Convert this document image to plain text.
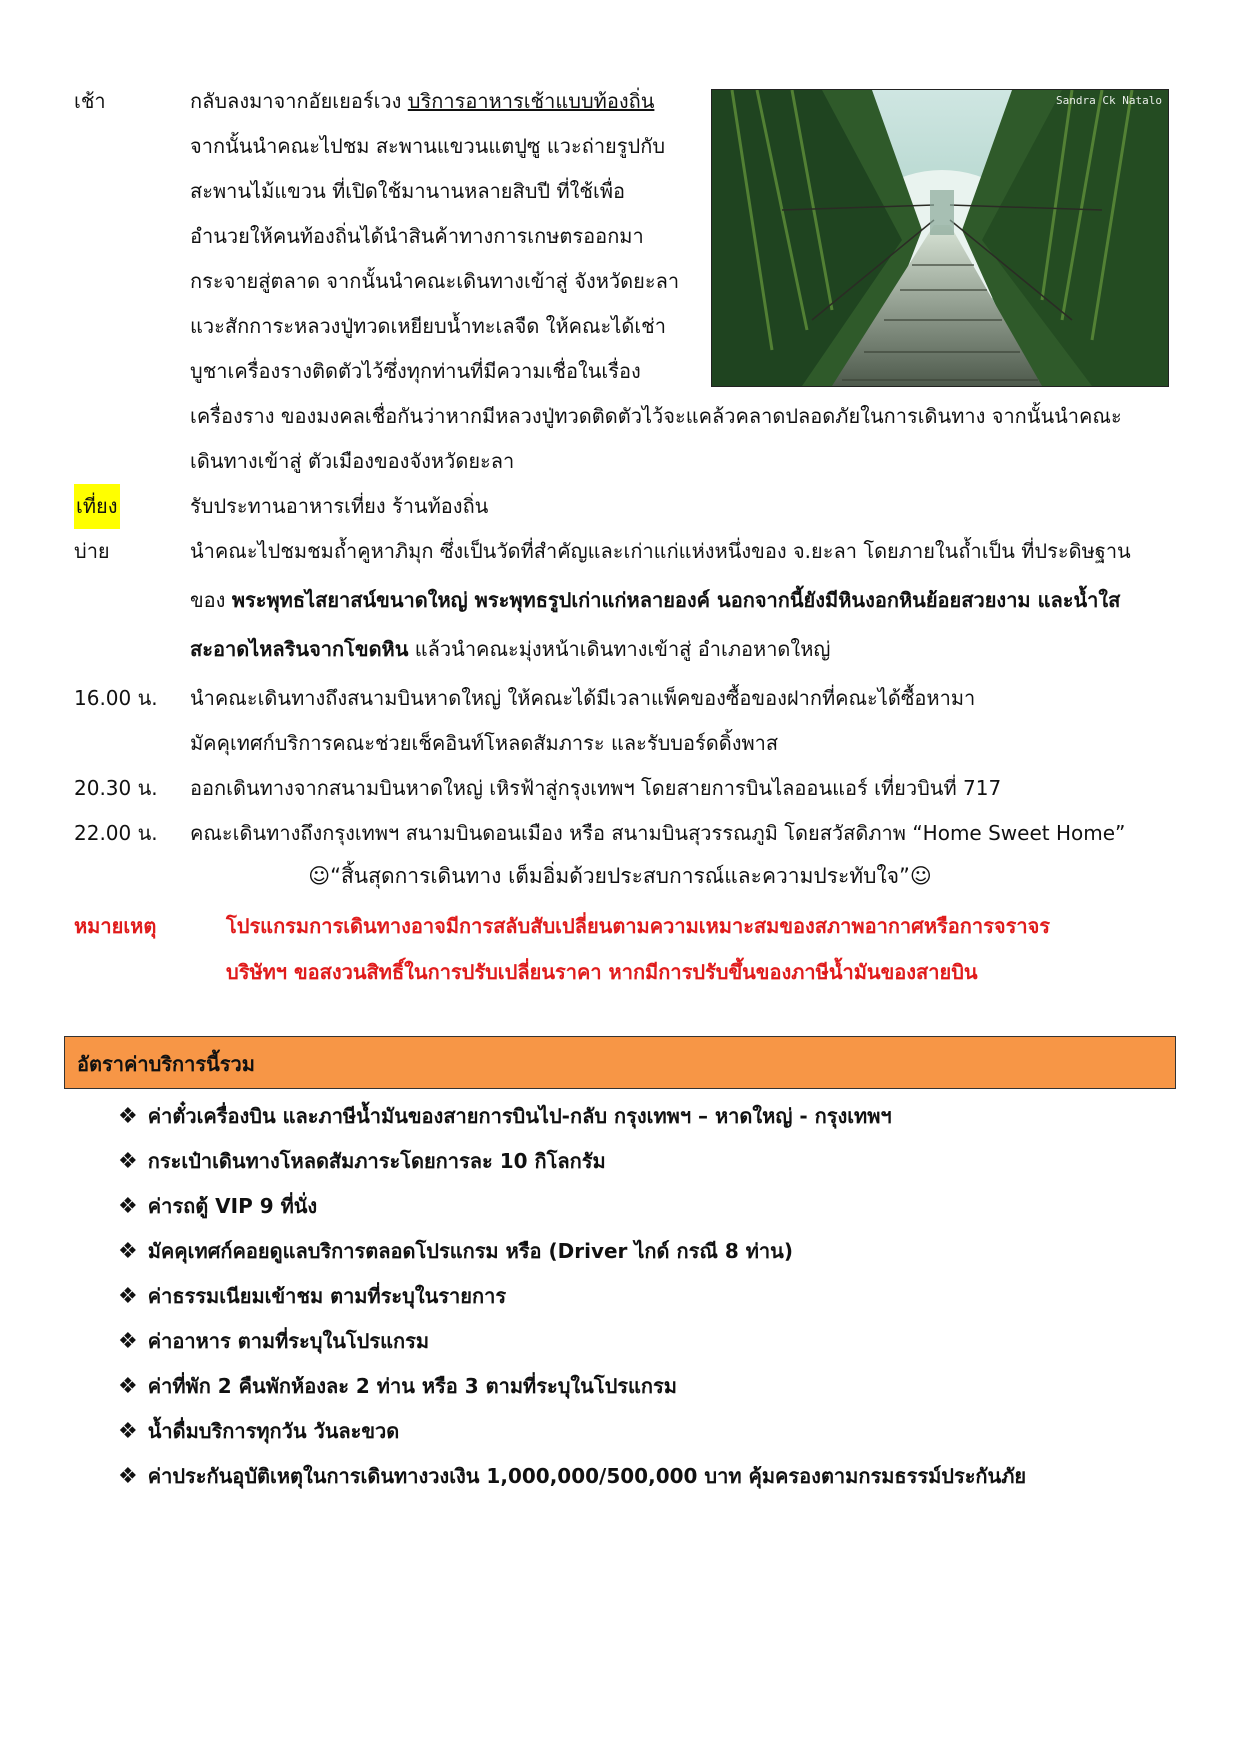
เช้า	กลับลงมาจากอัยเยอร์เวง บริการอาหารเช้าแบบท้องถิ่น
จากนั้นนำคณะไปชม สะพานแขวนแตปูซู แวะถ่ายรูปกับ
สะพานไม้แขวน ที่เปิดใช้มานานหลายสิบปี ที่ใช้เพื่อ
อำนวยให้คนท้องถิ่นได้นำสินค้าทางการเกษตรออกมา
กระจายสู่ตลาด จากนั้นนำคณะเดินทางเข้าสู่ จังหวัดยะลา
แวะสักการะหลวงปู่ทวดเหยียบน้ำทะเลจืด ให้คณะได้เช่า
บูชาเครื่องรางติดตัวไว้ซึ่งทุกท่านที่มีความเชื่อในเรื่อง
เครื่องราง ของมงคลเชื่อกันว่าหากมีหลวงปู่ทวดติดตัวไว้จะแคล้วคลาดปลอดภัยในการเดินทาง จากนั้นนำคณะ
เดินทางเข้าสู่ ตัวเมืองของจังหวัดยะลา
Sandra Ck Natalo
เที่ยง	รับประทานอาหารเที่ยง ร้านท้องถิ่น
บ่าย	นำคณะไปชมชมถ้ำคูหาภิมุก ซึ่งเป็นวัดที่สำคัญและเก่าแก่แห่งหนึ่งของ จ.ยะลา โดยภายในถ้ำเป็น ที่ประดิษฐาน
ของ พระพุทธไสยาสน์ขนาดใหญ่ พระพุทธรูปเก่าแก่หลายองค์ นอกจากนี้ยังมีหินงอกหินย้อยสวยงาม และน้ำใส
สะอาดไหลรินจากโขดหิน แล้วนำคณะมุ่งหน้าเดินทางเข้าสู่ อำเภอหาดใหญ่
16.00 น. นำคณะเดินทางถึงสนามบินหาดใหญ่ ให้คณะได้มีเวลาแพ็คของซื้อของฝากที่คณะได้ซื้อหามา
มัคคุเทศก์บริการคณะช่วยเช็คอินท์โหลดสัมภาระ และรับบอร์ดดิ้งพาส
20.30 น. ออกเดินทางจากสนามบินหาดใหญ่ เหิรฟ้าสู่กรุงเทพฯ โดยสายการบินไลออนแอร์ เที่ยวบินที่ 717
22.00 น. คณะเดินทางถึงกรุงเทพฯ สนามบินดอนเมือง หรือ สนามบินสุวรรณภูมิ โดยสวัสดิภาพ “Home Sweet Home”
☺“สิ้นสุดการเดินทาง เต็มอิ่มด้วยประสบการณ์และความประทับใจ”☺
หมายเหตุ	โปรแกรมการเดินทางอาจมีการสลับสับเปลี่ยนตามความเหมาะสมของสภาพอากาศหรือการจราจร
บริษัทฯ ขอสงวนสิทธิ์ในการปรับเปลี่ยนราคา หากมีการปรับขึ้นของภาษีน้ำมันของสายบิน
อัตราค่าบริการนี้รวม
❖ ค่าตั๋วเครื่องบิน และภาษีน้ำมันของสายการบินไป-กลับ กรุงเทพฯ – หาดใหญ่ - กรุงเทพฯ
❖ กระเป๋าเดินทางโหลดสัมภาระโดยการละ 10 กิโลกรัม
❖ ค่ารถตู้ VIP 9 ที่นั่ง
❖ มัคคุเทศก์คอยดูแลบริการตลอดโปรแกรม หรือ (Driver ไกด์ กรณี 8 ท่าน)
❖ ค่าธรรมเนียมเข้าชม ตามที่ระบุในรายการ
❖ ค่าอาหาร ตามที่ระบุในโปรแกรม
❖ ค่าที่พัก 2 คืนพักห้องละ 2 ท่าน หรือ 3 ตามที่ระบุในโปรแกรม
❖ น้ำดื่มบริการทุกวัน วันละขวด
❖ ค่าประกันอุบัติเหตุในการเดินทางวงเงิน 1,000,000/500,000 บาท คุ้มครองตามกรมธรรม์ประกันภัย
